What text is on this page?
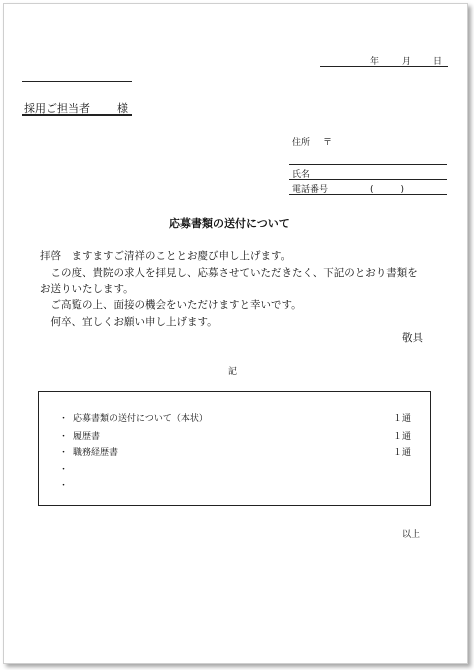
年	月 日
採用ご担当者 様
住所 〒
氏名
電話番号	(　　　)
応募書類の送付について
拝啓　ますますご清祥のこととお慶び申し上げます。
　この度、貴院の求人を拝見し、応募させていただきたく、下記のとおり書類を
お送りいたします。
　ご高覧の上、面接の機会をいただけますと幸いです。
　何卒、宜しくお願い申し上げます。
敬具
記
・ 応募書類の送付について（本状）	１通
・ 履歴書	１通
・ 職務経歴書	１通
・
・
以上
